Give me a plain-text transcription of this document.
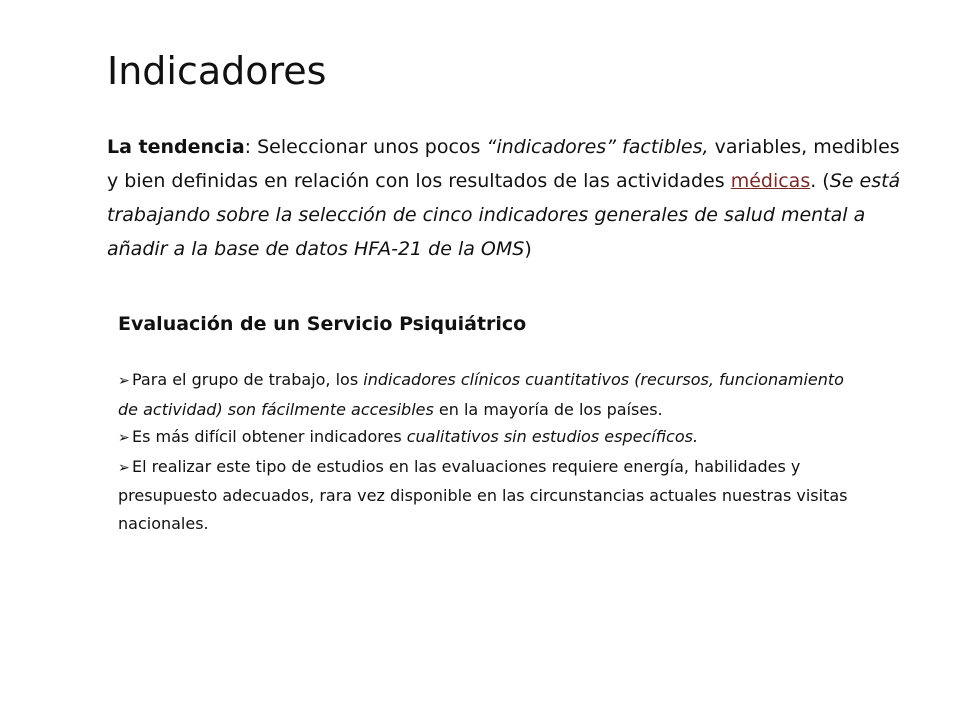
Indicadores

La tendencia: Seleccionar unos pocos “indicadores” factibles, variables, medibles y bien definidas en relación con los resultados de las actividades médicas. (Se está trabajando sobre la selección de cinco indicadores generales de salud mental a añadir a la base de datos HFA-21 de la OMS)

Evaluación de un Servicio Psiquiátrico
➢ Para el grupo de trabajo, los indicadores clínicos cuantitativos (recursos, funcionamiento de actividad) son fácilmente accesibles en la mayoría de los países.
➢ Es más difícil obtener indicadores cualitativos sin estudios específicos.
➢ El realizar este tipo de estudios en las evaluaciones requiere energía, habilidades y presupuesto adecuados, rara vez disponible en las circunstancias actuales nuestras visitas nacionales.
